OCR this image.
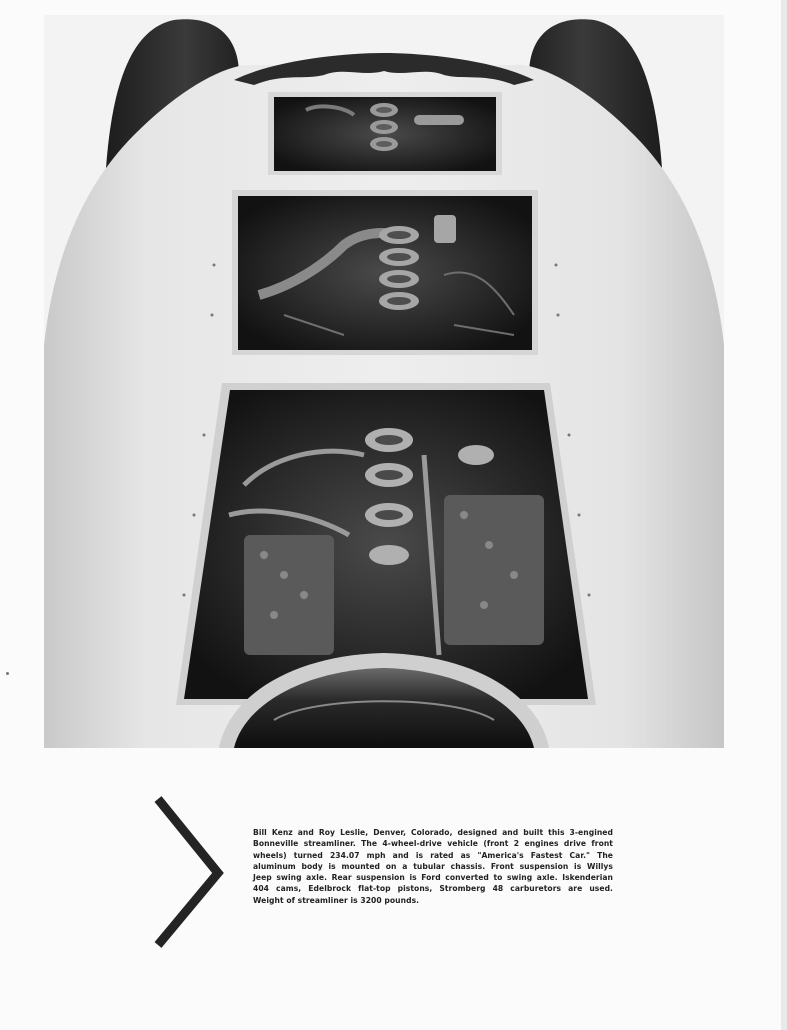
Bill Kenz and Roy Leslie, Denver, Colorado, designed and built this 3-engined
Bonneville streamliner. The 4-wheel-drive vehicle (front 2 engines drive front
wheels) turned 234.07 mph and is rated as "America's Fastest Car." The
aluminum body is mounted on a tubular chassis. Front suspension is Willys
Jeep swing axle. Rear suspension is Ford converted to swing axle. Iskenderian
404 cams, Edelbrock flat-top pistons, Stromberg 48 carburetors are used.
Weight of streamliner is 3200 pounds.
